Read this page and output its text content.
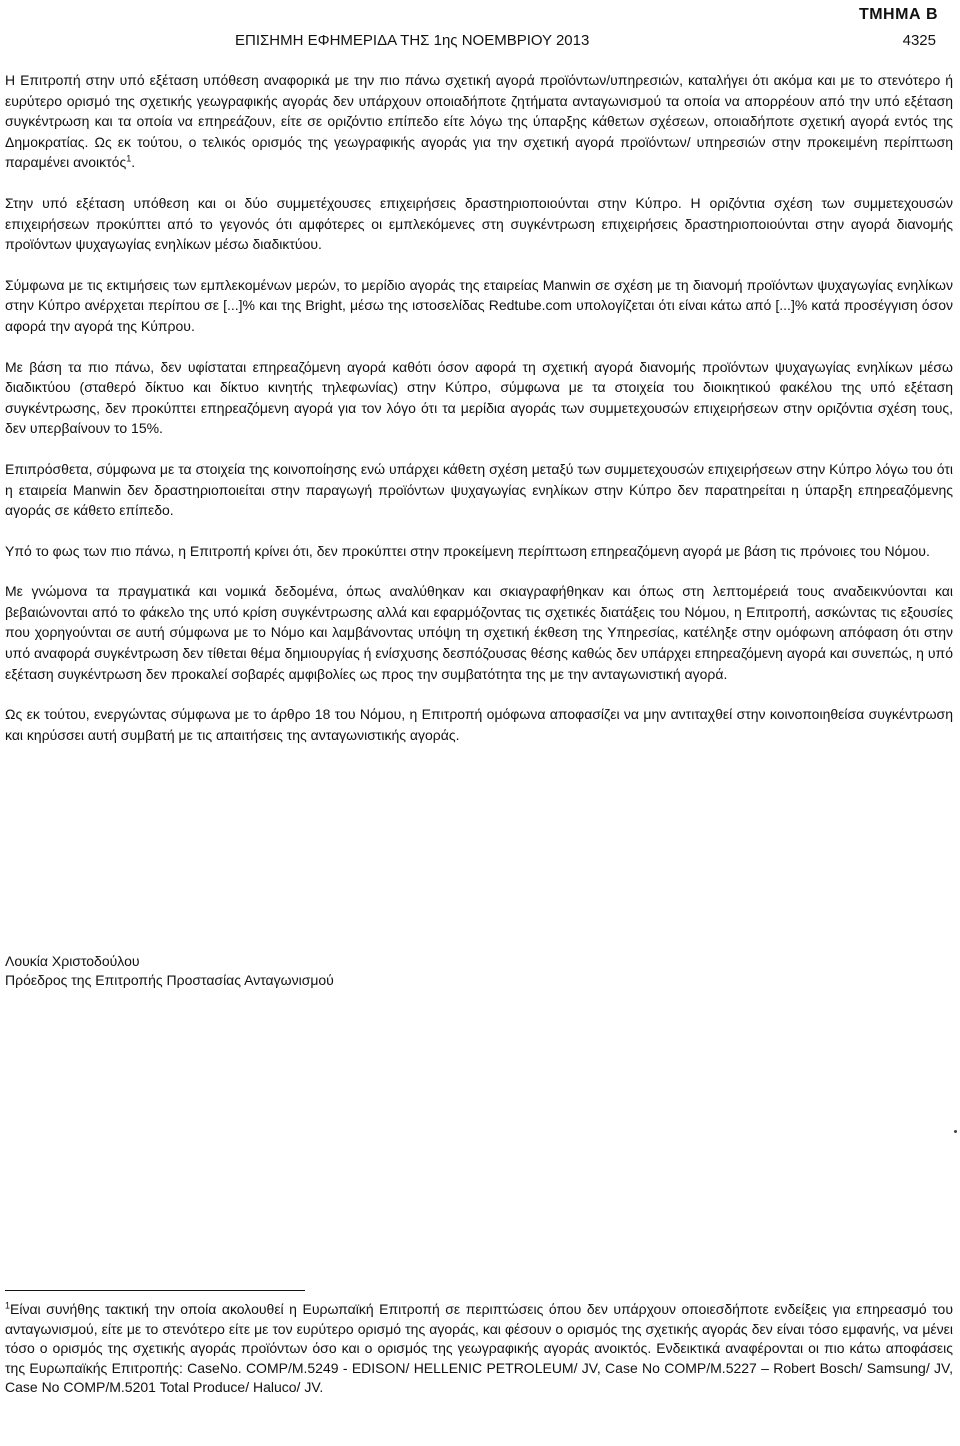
ΤΜΗΜΑ Β
ΕΠΙΣΗΜΗ ΕΦΗΜΕΡΙΔΑ ΤΗΣ 1ης ΝΟΕΜΒΡΙΟΥ 2013	4325

Η Επιτροπή στην υπό εξέταση υπόθεση αναφορικά με την πιο πάνω σχετική αγορά προϊόντων/υπηρεσιών, καταλήγει ότι ακόμα και με το στενότερο ή ευρύτερο ορισμό της σχετικής γεωγραφικής αγοράς δεν υπάρχουν οποιαδήποτε ζητήματα ανταγωνισμού τα οποία να απορρέουν από την υπό εξέταση συγκέντρωση και τα οποία να επηρεάζουν, είτε σε οριζόντιο επίπεδο είτε λόγω της ύπαρξης κάθετων σχέσεων, οποιαδήποτε σχετική αγορά εντός της Δημοκρατίας. Ως εκ τούτου, ο τελικός ορισμός της γεωγραφικής αγοράς για την σχετική αγορά προϊόντων/ υπηρεσιών στην προκειμένη περίπτωση παραμένει ανοικτός$^1$.

Στην υπό εξέταση υπόθεση και οι δύο συμμετέχουσες επιχειρήσεις δραστηριοποιούνται στην Κύπρο. Η οριζόντια σχέση των συμμετεχουσών επιχειρήσεων προκύπτει από το γεγονός ότι αμφότερες οι εμπλεκόμενες στη συγκέντρωση επιχειρήσεις δραστηριοποιούνται στην αγορά διανομής προϊόντων ψυχαγωγίας ενηλίκων μέσω διαδικτύου.

Σύμφωνα με τις εκτιμήσεις των εμπλεκομένων μερών, το μερίδιο αγοράς της εταιρείας Manwin σε σχέση με τη διανομή προϊόντων ψυχαγωγίας ενηλίκων στην Κύπρο ανέρχεται περίπου σε [...]% και της Bright, μέσω της ιστοσελίδας Redtube.com υπολογίζεται ότι είναι κάτω από [...]% κατά προσέγγιση όσον αφορά την αγορά της Κύπρου.

Με βάση τα πιο πάνω, δεν υφίσταται επηρεαζόμενη αγορά καθότι όσον αφορά τη σχετική αγορά διανομής προϊόντων ψυχαγωγίας ενηλίκων μέσω διαδικτύου (σταθερό δίκτυο και δίκτυο κινητής τηλεφωνίας) στην Κύπρο, σύμφωνα με τα στοιχεία του διοικητικού φακέλου της υπό εξέταση συγκέντρωσης, δεν προκύπτει επηρεαζόμενη αγορά για τον λόγο ότι τα μερίδια αγοράς των συμμετεχουσών επιχειρήσεων στην οριζόντια σχέση τους, δεν υπερβαίνουν το 15%.

Επιπρόσθετα, σύμφωνα με τα στοιχεία της κοινοποίησης ενώ υπάρχει κάθετη σχέση μεταξύ των συμμετεχουσών επιχειρήσεων στην Κύπρο λόγω του ότι η εταιρεία Manwin δεν δραστηριοποιείται στην παραγωγή προϊόντων ψυχαγωγίας ενηλίκων στην Κύπρο δεν παρατηρείται η ύπαρξη επηρεαζόμενης αγοράς σε κάθετο επίπεδο.

Υπό το φως των πιο πάνω, η Επιτροπή κρίνει ότι, δεν προκύπτει στην προκείμενη περίπτωση επηρεαζόμενη αγορά με βάση τις πρόνοιες του Νόμου.

Με γνώμονα τα πραγματικά και νομικά δεδομένα, όπως αναλύθηκαν και σκιαγραφήθηκαν και όπως στη λεπτομέρειά τους αναδεικνύονται και βεβαιώνονται από το φάκελο της υπό κρίση συγκέντρωσης αλλά και εφαρμόζοντας τις σχετικές διατάξεις του Νόμου, η Επιτροπή, ασκώντας τις εξουσίες που χορηγούνται σε αυτή σύμφωνα με το Νόμο και λαμβάνοντας υπόψη τη σχετική έκθεση της Υπηρεσίας, κατέληξε στην ομόφωνη απόφαση ότι στην υπό αναφορά συγκέντρωση δεν τίθεται θέμα δημιουργίας ή ενίσχυσης δεσπόζουσας θέσης καθώς δεν υπάρχει επηρεαζόμενη αγορά και συνεπώς, η υπό εξέταση συγκέντρωση δεν προκαλεί σοβαρές αμφιβολίες ως προς την συμβατότητα της με την ανταγωνιστική αγορά.

Ως εκ τούτου, ενεργώντας σύμφωνα με το άρθρο 18 του Νόμου, η Επιτροπή ομόφωνα αποφασίζει να μην αντιταχθεί στην κοινοποιηθείσα συγκέντρωση και κηρύσσει αυτή συμβατή με τις απαιτήσεις της ανταγωνιστικής αγοράς.

Λουκία Χριστοδούλου
Πρόεδρος της Επιτροπής Προστασίας Ανταγωνισμού
$^1$Είναι συνήθης τακτική την οποία ακολουθεί η Ευρωπαϊκή Επιτροπή σε περιπτώσεις όπου δεν υπάρχουν οποιεσδήποτε ενδείξεις για επηρεασμό του ανταγωνισμού, είτε με το στενότερο είτε με τον ευρύτερο ορισμό της αγοράς, και φέσουν ο ορισμός της σχετικής αγοράς δεν είναι τόσο εμφανής, να μένει τόσο ο ορισμός της σχετικής αγοράς προϊόντων όσο και ο ορισμός της γεωγραφικής αγοράς ανοικτός. Ενδεικτικά αναφέρονται οι πιο κάτω αποφάσεις της Ευρωπαϊκής Επιτροπής: CaseNo. COMP/M.5249 - EDISON/ HELLENIC PETROLEUM/ JV, Case No COMP/M.5227 – Robert Bosch/ Samsung/ JV, Case No COMP/M.5201 Total Produce/ Haluco/ JV.
